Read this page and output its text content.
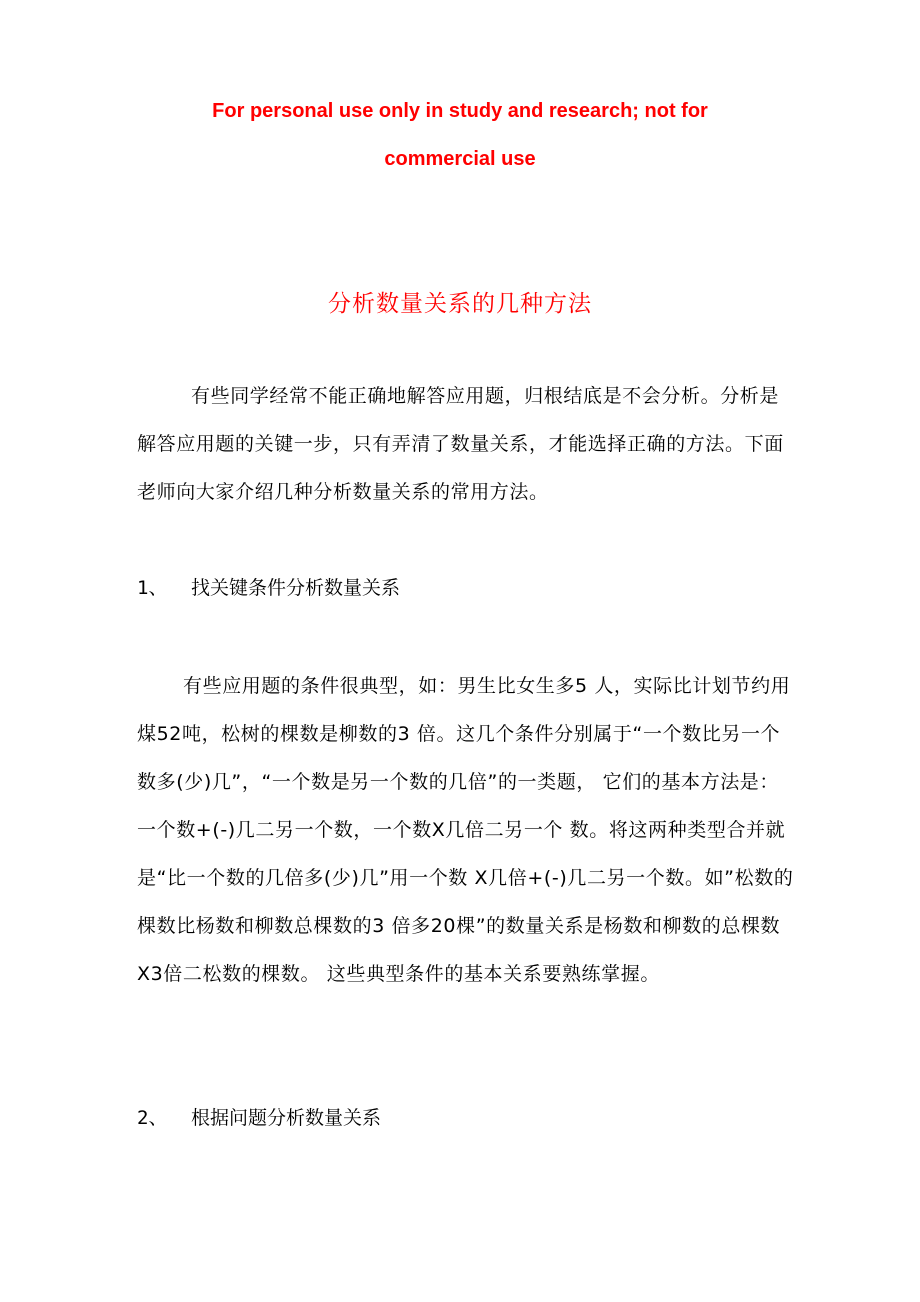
For personal use only in study and research; not for
commercial use
分析数量关系的几种方法

有些同学经常不能正确地解答应用题，归根结底是不会分析。分析是解答应用题的关键一步，只有弄清了数量关系，才能选择正确的方法。下面老师向大家介绍几种分析数量关系的常用方法。

1、 找关键条件分析数量关系

有些应用题的条件很典型，如：男生比女生多5 人，实际比计划节约用煤52吨，松树的棵数是柳数的3 倍。这几个条件分别属于“一个数比另一个数多(少)几”，“一个数是另一个数的几倍”的一类题， 它们的基本方法是：一个数+(-)几二另一个数，一个数X几倍二另一个 数。将这两种类型合并就是“比一个数的几倍多(少)几”用一个数 X几倍+(-)几二另一个数。如”松数的棵数比杨数和柳数总棵数的3 倍多20棵”的数量关系是杨数和柳数的总棵数X3倍二松数的棵数。 这些典型条件的基本关系要熟练掌握。

2、 根据问题分析数量关系
